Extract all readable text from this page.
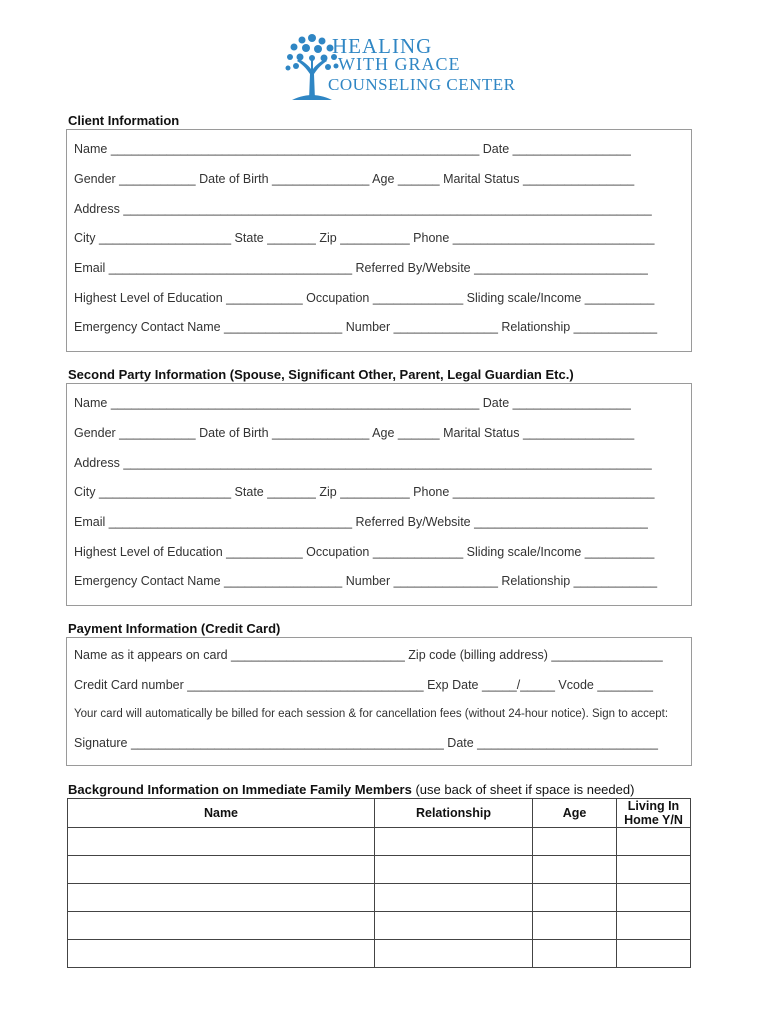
HEALING
WITH GRACE
COUNSELING CENTER
Client Information
Name _____________________________________________________ Date _________________
Gender ___________ Date of Birth ______________ Age ______ Marital Status ________________
Address ____________________________________________________________________________
City ___________________ State _______ Zip __________ Phone _____________________________
Email ___________________________________ Referred By/Website _________________________
Highest Level of Education ___________ Occupation _____________ Sliding scale/Income __________
Emergency Contact Name _________________ Number _______________ Relationship ____________
Second Party Information (Spouse, Significant Other, Parent, Legal Guardian Etc.)
Name _____________________________________________________ Date _________________
Gender ___________ Date of Birth ______________ Age ______ Marital Status ________________
Address ____________________________________________________________________________
City ___________________ State _______ Zip __________ Phone _____________________________
Email ___________________________________ Referred By/Website _________________________
Highest Level of Education ___________ Occupation _____________ Sliding scale/Income __________
Emergency Contact Name _________________ Number _______________ Relationship ____________
Payment Information (Credit Card)
Name as it appears on card _________________________ Zip code (billing address) ________________
Credit Card number __________________________________ Exp Date _____/_____ Vcode ________
Your card will automatically be billed for each session & for cancellation fees (without 24-hour notice). Sign to accept:
Signature _____________________________________________ Date __________________________
Background Information on Immediate Family Members (use back of sheet if space is needed)
Name	Relationship	Age	Living In
Home Y/N
